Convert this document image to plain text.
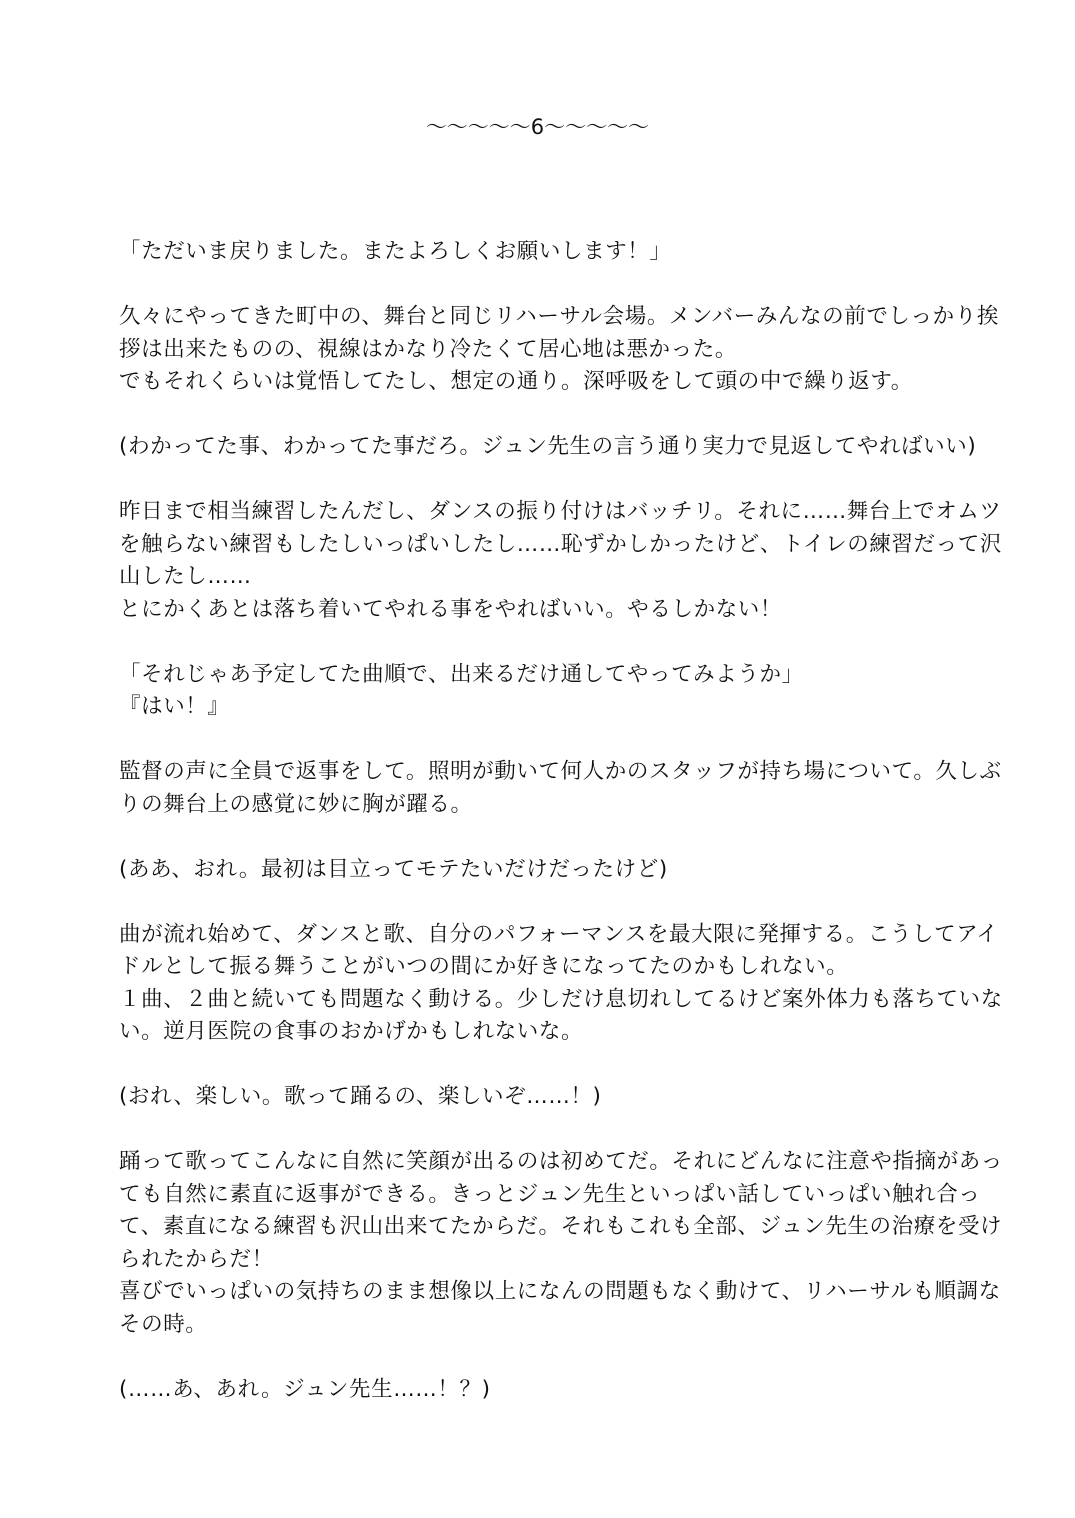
〜〜〜〜〜6〜〜〜〜〜
「ただいま戻りました。またよろしくお願いします！」
久々にやってきた町中の、舞台と同じリハーサル会場。メンバーみんなの前でしっかり挨
拶は出来たものの、視線はかなり冷たくて居心地は悪かった。
でもそれくらいは覚悟してたし、想定の通り。深呼吸をして頭の中で繰り返す。
(わかってた事、わかってた事だろ。ジュン先生の言う通り実力で見返してやればいい)
昨日まで相当練習したんだし、ダンスの振り付けはバッチリ。それに……舞台上でオムツ
を触らない練習もしたしいっぱいしたし……恥ずかしかったけど、トイレの練習だって沢
山したし……
とにかくあとは落ち着いてやれる事をやればいい。やるしかない！
「それじゃあ予定してた曲順で、出来るだけ通してやってみようか」
『はい！』
監督の声に全員で返事をして。照明が動いて何人かのスタッフが持ち場について。久しぶ
りの舞台上の感覚に妙に胸が躍る。
(ああ、おれ。最初は目立ってモテたいだけだったけど)
曲が流れ始めて、ダンスと歌、自分のパフォーマンスを最大限に発揮する。こうしてアイ
ドルとして振る舞うことがいつの間にか好きになってたのかもしれない。
１曲、２曲と続いても問題なく動ける。少しだけ息切れしてるけど案外体力も落ちていな
い。逆月医院の食事のおかげかもしれないな。
(おれ、楽しい。歌って踊るの、楽しいぞ……！)
踊って歌ってこんなに自然に笑顔が出るのは初めてだ。それにどんなに注意や指摘があっ
ても自然に素直に返事ができる。きっとジュン先生といっぱい話していっぱい触れ合っ
て、素直になる練習も沢山出来てたからだ。それもこれも全部、ジュン先生の治療を受け
られたからだ！
喜びでいっぱいの気持ちのまま想像以上になんの問題もなく動けて、リハーサルも順調な
その時。
(……あ、あれ。ジュン先生……！？)
